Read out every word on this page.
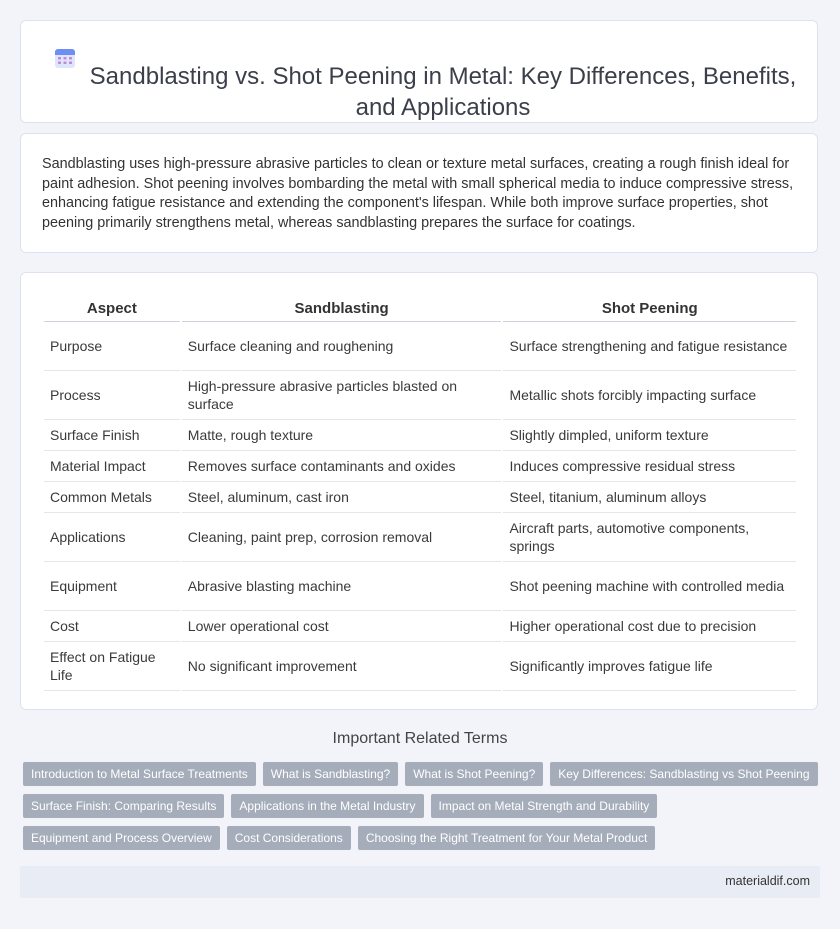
Sandblasting vs. Shot Peening in Metal: Key Differences, Benefits, and Applications

Sandblasting uses high-pressure abrasive particles to clean or texture metal surfaces, creating a rough finish ideal for paint adhesion. Shot peening involves bombarding the metal with small spherical media to induce compressive stress, enhancing fatigue resistance and extending the component's lifespan. While both improve surface properties, shot peening primarily strengthens metal, whereas sandblasting prepares the surface for coatings.

Aspect	Sandblasting	Shot Peening
Purpose	Surface cleaning and roughening	Surface strengthening and fatigue resistance
Process	High-pressure abrasive particles blasted on surface	Metallic shots forcibly impacting surface
Surface Finish	Matte, rough texture	Slightly dimpled, uniform texture
Material Impact	Removes surface contaminants and oxides	Induces compressive residual stress
Common Metals	Steel, aluminum, cast iron	Steel, titanium, aluminum alloys
Applications	Cleaning, paint prep, corrosion removal	Aircraft parts, automotive components, springs
Equipment	Abrasive blasting machine	Shot peening machine with controlled media
Cost	Lower operational cost	Higher operational cost due to precision
Effect on Fatigue Life	No significant improvement	Significantly improves fatigue life
Important Related Terms
Introduction to Metal Surface Treatments	What is Sandblasting?	What is Shot Peening?	Key Differences: Sandblasting vs Shot Peening
Surface Finish: Comparing Results	Applications in the Metal Industry	Impact on Metal Strength and Durability
Equipment and Process Overview	Cost Considerations	Choosing the Right Treatment for Your Metal Product
materialdif.com
